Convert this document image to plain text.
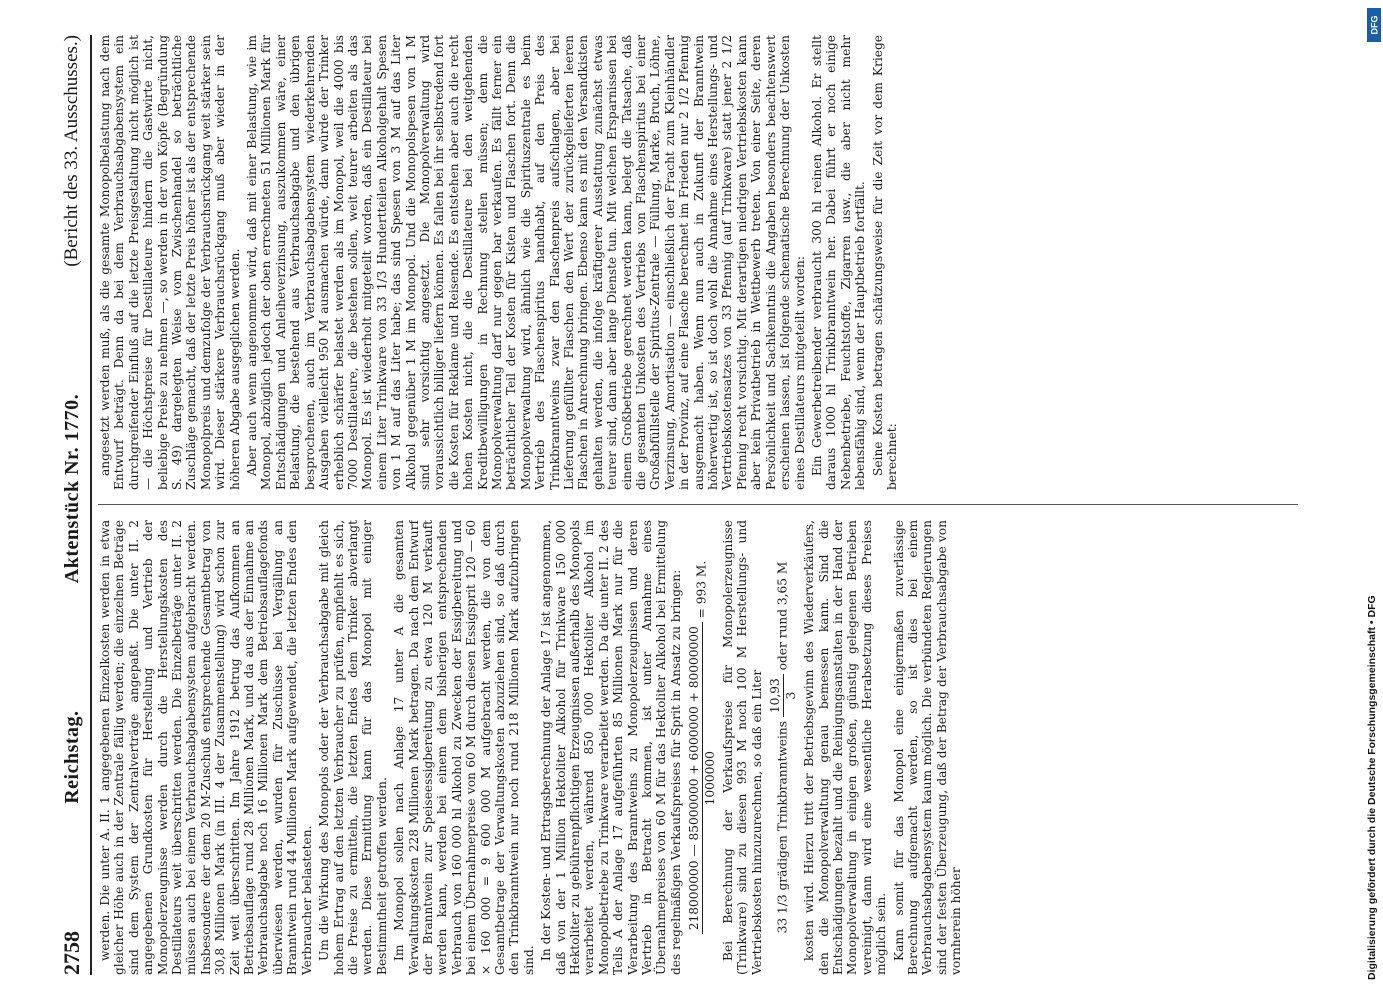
2758
Reichstag.
Aktenstück Nr. 1770.
(Bericht des 33. Ausschusses.)

werden. Die unter A. II. 1 angegebenen Einzelkosten werden in etwa gleicher Höhe auch in der Zentrale fällig werden; die einzelnen Beträge sind dem System der Zentralverträge angepaßt. Die unter II. 2 angegebenen Grundkosten für Herstellung und Vertrieb der Monopolerzeugnisse werden durch die Herstellungskosten des Destillateurs weit überschritten werden. Die Einzelbeträge unter II. 2 müssen auch bei einem Verbrauchsabgabensystem aufgebracht werden. Insbesondere der dem 20 M-Zuschuß entsprechende Gesamtbetrag von 30,8 Millionen Mark (in III. 4 der Zusammenstellung) wird schon zur Zeit weit überschritten. Im Jahre 1912 betrug das Aufkommen an Betriebsauflage rund 28 Millionen Mark, und da aus der Einnahme an Verbrauchsabgabe noch 16 Millionen Mark dem Betriebsauflagefonds überwiesen werden, wurden für Zuschüsse bei Vergällung an Branntwein rund 44 Millionen Mark aufgewendet, die letzten Endes den Verbraucher belasteten. Um die Wirkung des Monopols oder der Verbrauchsabgabe mit gleich hohem Ertrag auf den letzten Verbraucher zu prüfen, empfiehlt es sich, die Preise zu ermitteln, die letzten Endes dem Trinker abverlangt werden. Diese Ermittlung kann für das Monopol mit einiger Bestimmtheit getroffen werden. Im Monopol sollen nach Anlage 17 unter A die gesamten Verwaltungskosten 228 Millionen Mark betragen. Da nach dem Entwurf der Branntwein zur Speiseessigbereitung zu etwa 120 M verkauft werden kann, werden bei einem dem bisherigen entsprechenden Verbrauch von 160 000 hl Alkohol zu Zwecken der Essigbereitung und bei einem Übernahmepreise von 60 M durch diesen Essigsprit 120 — 60 × 160 000 = 9 600 000 M aufgebracht werden, die von dem Gesamtbetrage der Verwaltungskosten abzuziehen sind, so daß durch den Trinkbranntwein nur noch rund 218 Millionen Mark aufzubringen sind. In der Kosten- und Ertragsberechnung der Anlage 17 ist angenommen, daß von der 1 Million Hektoliter Alkohol für Trinkware 150 000 Hektoliter zu gebührenpflichtigen Erzeugnissen außerhalb des Monopols verarbeitet werden, während 850 000 Hektoliter Alkohol im Monopolbetriebe zu Trinkware verarbeitet werden. Da die unter II. 2 des Teils A der Anlage 17 aufgeführten 85 Millionen Mark nur für die Verarbeitung des Branntweins zu Monopolerzeugnissen und deren Vertrieb in Betracht kommen, ist unter Annahme eines Übernahmepreises von 60 M für das Hektoliter Alkohol bei Ermittelung des regelmäßigen Verkaufspreises für Sprit in Ansatz zu bringen: 218000000 — 85000000 + 6000000 + 80000000 1000000
= 993 M.	Bei Berechnung der Verkaufspreise für Monopolerzeugnisse (Trinkware) sind zu diesen 993 M noch 100 M Herstellungs- und Vertriebskosten hinzuzurechnen, so daß ein Liter 33 1/3 grädigen Trinkbranntweins
10,93 3
oder rund 3,65 M	kosten wird. Hierzu tritt der Betriebsgewinn des Wiederverkäufers, den die Monopolverwaltung genau bemessen kann. Sind die Entschädigungen bezahlt und die Reinigungsanstalten in der Hand der Monopolverwaltung in einigen großen, günstig gelegenen Betrieben vereinigt, dann wird eine wesentliche Herabsetzung dieses Preises möglich sein. Kann somit für das Monopol eine einigermaßen zuverlässige Berechnung aufgemacht werden, so ist dies bei einem Verbrauchsabgabensystem kaum möglich. Die verbündeten Regierungen sind der festen Überzeugung, daß der Betrag der Verbrauchsabgabe von vornherein höher

angesetzt werden muß, als die gesamte Monopolbelastung nach dem Entwurf beträgt. Denn da bei dem Verbrauchsabgabensystem ein durchgreifender Einfluß auf die letzte Preisgestaltung nicht möglich ist — die Höchstpreise für Destillateure hindern die Gastwirte nicht, beliebige Preise zu nehmen —, so werden in der von Köpfe (Begründung S. 49) dargelegten Weise vom Zwischenhandel so beträchtliche Zuschläge gemacht, daß der letzte Preis höher ist als der entsprechende Monopolpreis und demzufolge der Verbrauchsrückgang weit stärker sein wird. Dieser stärkere Verbrauchsrückgang muß aber wieder in der höheren Abgabe ausgeglichen werden. Aber auch wenn angenommen wird, daß mit einer Belastung, wie im Monopol, abzüglich jedoch der oben errechneten 51 Millionen Mark für Entschädigungen und Anleiheverzinsung, auszukommen wäre, einer Belastung, die bestehend aus Verbrauchsabgabe und den übrigen besprochenen, auch im Verbrauchsabgabensystem wiederkehrenden Ausgaben vielleicht 950 M ausmachen würde, dann würde der Trinker erheblich schärfer belastet werden als im Monopol, weil die 4000 bis 7000 Destillateure, die bestehen sollen, weit teurer arbeiten als das Monopol. Es ist wiederholt mitgeteilt worden, daß ein Destillateur bei einem Liter Trinkware von 33 1/3 Hundertteilen Alkoholgehalt Spesen von 1 M auf das Liter habe; das sind Spesen von 3 M auf das Liter Alkohol gegenüber 1 M im Monopol. Und die Monopolspesen von 1 M sind sehr vorsichtig angesetzt. Die Monopolverwaltung wird voraussichtlich billiger liefern können. Es fallen bei ihr selbstredend fort die Kosten für Reklame und Reisende. Es entstehen aber auch die recht hohen Kosten nicht, die die Destillateure bei den weitgehenden Kreditbewilligungen in Rechnung stellen müssen; denn die Monopolverwaltung darf nur gegen bar verkaufen. Es fällt ferner ein beträchtlicher Teil der Kosten für Kisten und Flaschen fort. Denn die Monopolverwaltung wird, ähnlich wie die Spirituszentrale es beim Vertrieb des Flaschenspiritus handhabt, auf den Preis des Trinkbranntweins zwar den Flaschenpreis aufschlagen, aber bei Lieferung gefüllter Flaschen den Wert der zurückgelieferten leeren Flaschen in Anrechnung bringen. Ebenso kann es mit den Versandkisten gehalten werden, die infolge kräftigerer Ausstattung zunächst etwas teurer sind, dann aber lange Dienste tun. Mit welchen Ersparnissen bei einem Großbetriebe gerechnet werden kann, belegt die Tatsache, daß die gesamten Unkosten des Vertriebs von Flaschenspiritus bei einer Großabfüllstelle der Spiritus-Zentrale — Füllung, Marke, Bruch, Löhne, Verzinsung, Amortisation — einschließlich der Fracht zum Kleinhändler in der Provinz, auf eine Flasche berechnet im Frieden nur 2 1/2 Pfennig ausgemacht haben. Wenn nun auch in Zukunft der Branntwein höherwertig ist, so ist doch wohl die Annahme eines Herstellungs- und Vertriebskostensatzes von 33 Pfennig (auf Trinkware) statt jener 2 1/2 Pfennig recht vorsichtig. Mit derartigen niedrigen Vertriebskosten kann aber kein Privatbetrieb in Wettbewerb treten. Von einer Seite, deren Persönlichkeit und Sachkenntnis die Angaben besonders beachtenswert erscheinen lassen, ist folgende schematische Berechnung der Unkosten eines Destillateurs mitgeteilt worden: Ein Gewerbetreibender verbraucht 300 hl reinen Alkohol. Er stellt daraus 1000 hl Trinkbranntwein her. Dabei führt er noch einige Nebenbetriebe, Feuchtstoffe, Zigarren usw., die aber nicht mehr lebensfähig sind, wenn der Hauptbetrieb fortfällt. Seine Kosten betragen schätzungsweise für die Zeit vor dem Kriege berechnet:

Digitalisierung gefördert durch die Deutsche Forschungsgemeinschaft • DFG
DFG
